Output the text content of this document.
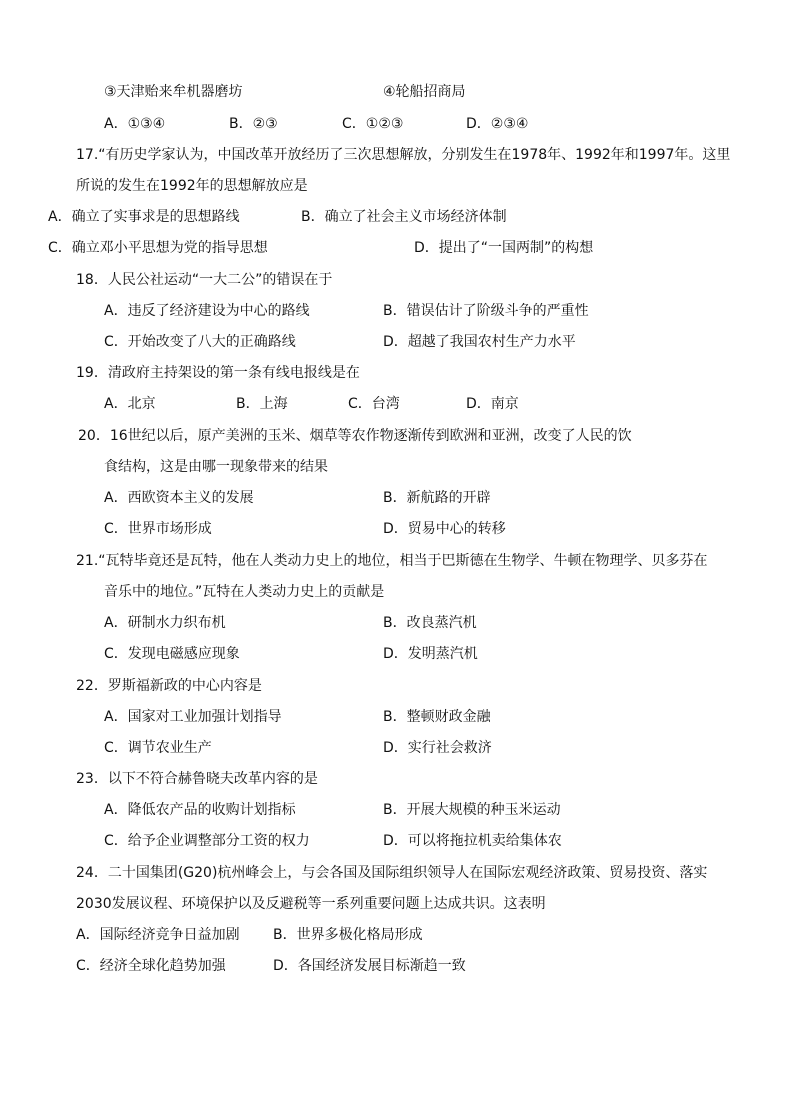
③天津贻来牟机器磨坊	④轮船招商局
A．①③④	B．②③	C．①②③	D．②③④
17.“有历史学家认为，中国改革开放经历了三次思想解放，分别发生在1978年、1992年和1997年。这里
所说的发生在1992年的思想解放应是
A．确立了实事求是的思想路线	B．确立了社会主义市场经济体制
C．确立邓小平思想为党的指导思想	D．提出了“一国两制”的构想
18．人民公社运动“一大二公”的错误在于
A．违反了经济建设为中心的路线	B．错误估计了阶级斗争的严重性
C．开始改变了八大的正确路线	D．超越了我国农村生产力水平
19．清政府主持架设的第一条有线电报线是在
A．北京	B．上海	C．台湾	D．南京
20．16世纪以后，原产美洲的玉米、烟草等农作物逐渐传到欧洲和亚洲，改变了人民的饮
食结构，这是由哪一现象带来的结果
A．西欧资本主义的发展	B．新航路的开辟
C．世界市场形成	D．贸易中心的转移
21.“瓦特毕竟还是瓦特，他在人类动力史上的地位，相当于巴斯德在生物学、牛顿在物理学、贝多芬在
音乐中的地位。”瓦特在人类动力史上的贡献是
A．研制水力织布机	B．改良蒸汽机
C．发现电磁感应现象	D．发明蒸汽机
22．罗斯福新政的中心内容是
A．国家对工业加强计划指导	B．整顿财政金融
C．调节农业生产	D．实行社会救济
23．以下不符合赫鲁晓夫改革内容的是
A．降低农产品的收购计划指标	B．开展大规模的种玉米运动
C．给予企业调整部分工资的权力	D．可以将拖拉机卖给集体农
24．二十国集团(G20)杭州峰会上，与会各国及国际组织领导人在国际宏观经济政策、贸易投资、落实
2030发展议程、环境保护以及反避税等一系列重要问题上达成共识。这表明
A．国际经济竞争日益加剧 B．世界多极化格局形成
C．经济全球化趋势加强	D．各国经济发展目标渐趋一致
